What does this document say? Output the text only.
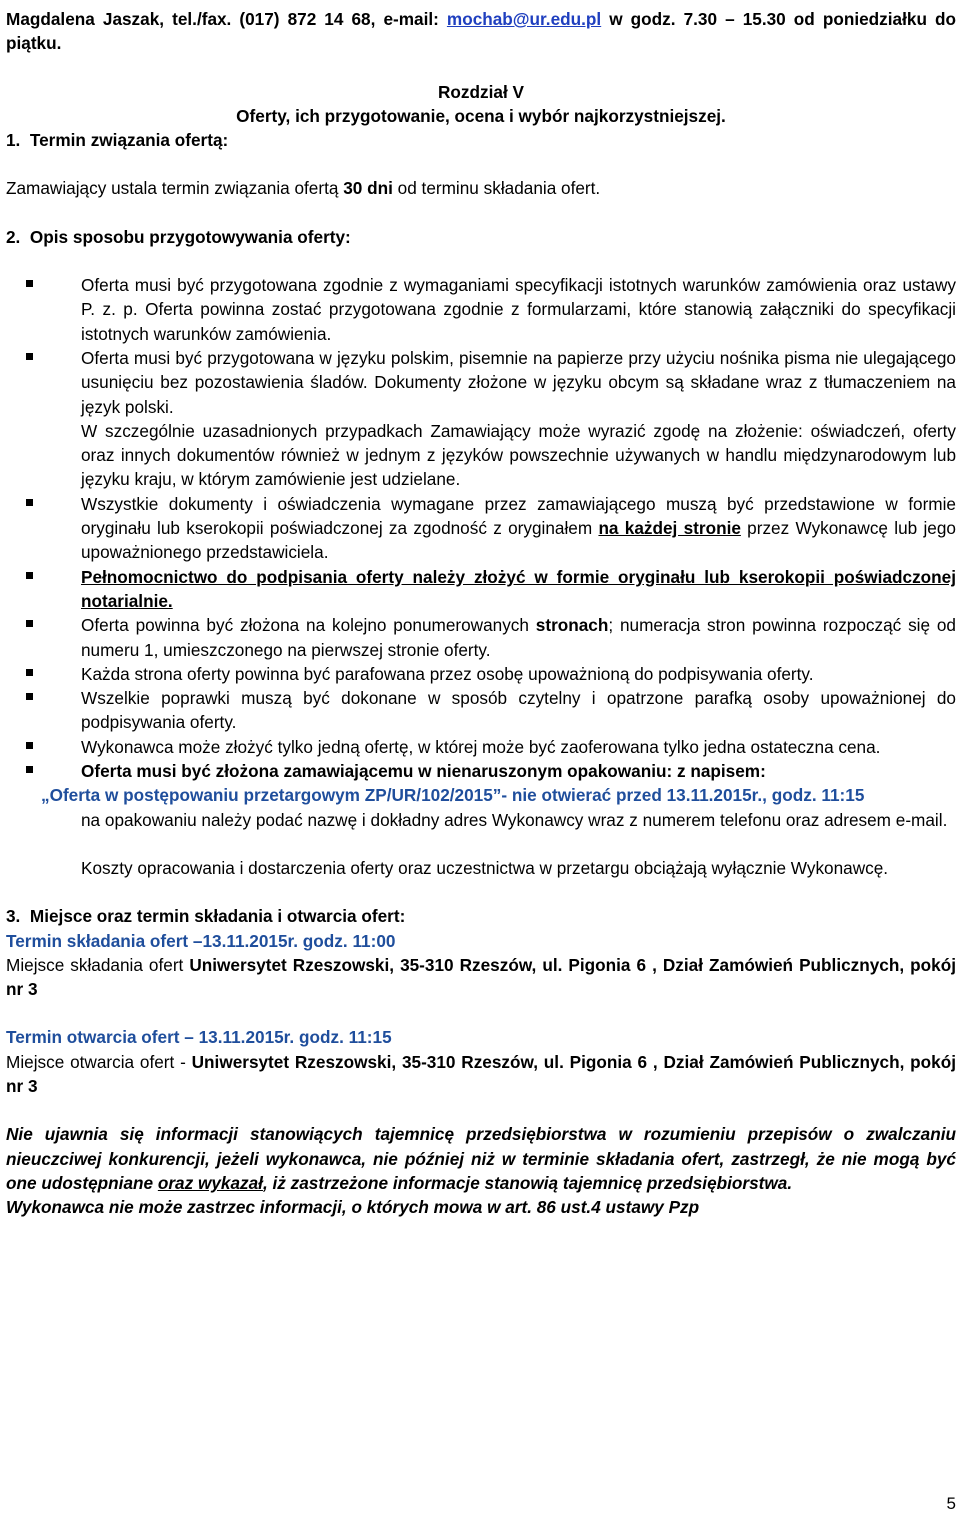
Magdalena Jaszak, tel./fax. (017) 872 14 68, e-mail: mochab@ur.edu.pl w godz. 7.30 – 15.30 od poniedziałku do piątku.

Rozdział V

Oferty, ich przygotowanie, ocena i wybór najkorzystniejszej.

1. Termin związania ofertą:

Zamawiający ustala termin związania ofertą 30 dni od terminu składania ofert.

2. Opis sposobu przygotowywania oferty:

Oferta musi być przygotowana zgodnie z wymaganiami specyfikacji istotnych warunków zamówienia oraz ustawy P. z. p. Oferta powinna zostać przygotowana zgodnie z formularzami, które stanowią załączniki do specyfikacji istotnych warunków zamówienia.
Oferta musi być przygotowana w języku polskim, pisemnie na papierze przy użyciu nośnika pisma nie ulegającego usunięciu bez pozostawienia śladów. Dokumenty złożone w języku obcym są składane wraz z tłumaczeniem na język polski.
W szczególnie uzasadnionych przypadkach Zamawiający może wyrazić zgodę na złożenie: oświadczeń, oferty oraz innych dokumentów również w jednym z języków powszechnie używanych w handlu międzynarodowym lub języku kraju, w którym zamówienie jest udzielane.
Wszystkie dokumenty i oświadczenia wymagane przez zamawiającego muszą być przedstawione w formie oryginału lub kserokopii poświadczonej za zgodność z oryginałem na każdej stronie przez Wykonawcę lub jego upoważnionego przedstawiciela.
Pełnomocnictwo do podpisania oferty należy złożyć w formie oryginału lub kserokopii poświadczonej notarialnie.
Oferta powinna być złożona na kolejno ponumerowanych stronach; numeracja stron powinna rozpocząć się od numeru 1, umieszczonego na pierwszej stronie oferty.
Każda strona oferty powinna być parafowana przez osobę upoważnioną do podpisywania oferty.
Wszelkie poprawki muszą być dokonane w sposób czytelny i opatrzone parafką osoby upoważnionej do podpisywania oferty.
Wykonawca może złożyć tylko jedną ofertę, w której może być zaoferowana tylko jedna ostateczna cena.
Oferta musi być złożona zamawiającemu w nienaruszonym opakowaniu: z napisem:

„Oferta w postępowaniu przetargowym ZP/UR/102/2015”- nie otwierać przed 13.11.2015r., godz. 11:15

na opakowaniu należy podać nazwę i dokładny adres Wykonawcy wraz z numerem telefonu oraz adresem e-mail.

Koszty opracowania i dostarczenia oferty oraz uczestnictwa w przetargu obciążają wyłącznie Wykonawcę.

3. Miejsce oraz termin składania i otwarcia ofert:

Termin składania ofert –13.11.2015r. godz. 11:00

Miejsce składania ofert Uniwersytet Rzeszowski, 35-310 Rzeszów, ul. Pigonia 6 , Dział Zamówień Publicznych, pokój nr 3

Termin otwarcia ofert – 13.11.2015r. godz. 11:15

Miejsce otwarcia ofert - Uniwersytet Rzeszowski, 35-310 Rzeszów, ul. Pigonia 6 , Dział Zamówień Publicznych, pokój nr 3

Nie ujawnia się informacji stanowiących tajemnicę przedsiębiorstwa w rozumieniu przepisów o zwalczaniu nieuczciwej konkurencji, jeżeli wykonawca, nie później niż w terminie składania ofert, zastrzegł, że nie mogą być one udostępniane oraz wykazał, iż zastrzeżone informacje stanowią tajemnicę przedsiębiorstwa.

Wykonawca nie może zastrzec informacji, o których mowa w art. 86 ust.4 ustawy Pzp

5
